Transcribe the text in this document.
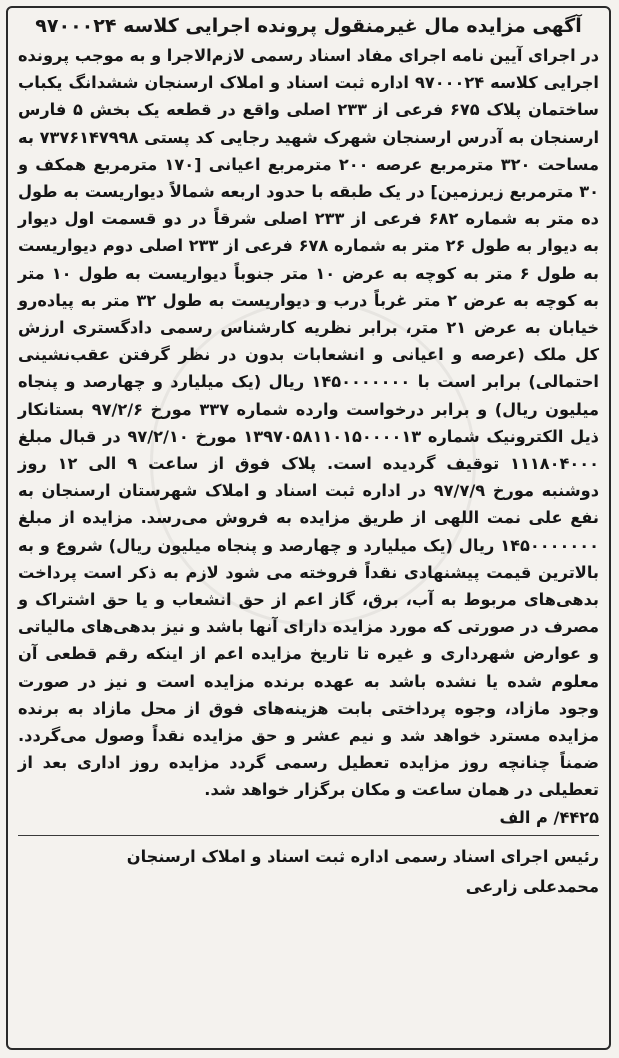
آگهی مزایده مال غیرمنقول پرونده اجرایی کلاسه ۹۷۰۰۰۲۴

در اجرای آیین نامه اجرای مفاد اسناد رسمی لازم‌الاجرا و به موجب پرونده اجرایی کلاسه ۹۷۰۰۰۲۴ اداره ثبت اسناد و املاک ارسنجان ششدانگ یکباب ساختمان پلاک ۶۷۵ فرعی از ۲۳۳ اصلی واقع در قطعه یک بخش ۵ فارس ارسنجان به آدرس ارسنجان شهرک شهید رجایی کد پستی ۷۳۷۶۱۴۷۹۹۸ به مساحت ۳۲۰ مترمربع عرصه ۲۰۰ مترمربع اعیانی [۱۷۰ مترمربع همکف و ۳۰ مترمربع زیرزمین] در یک طبقه با حدود اربعه شمالاً دیواریست به طول ده متر به شماره ۶۸۲ فرعی از ۲۳۳ اصلی شرقاً در دو قسمت اول دیوار به دیوار به طول ۲۶ متر به شماره ۶۷۸ فرعی از ۲۳۳ اصلی دوم دیواریست به طول ۶ متر به کوچه به عرض ۱۰ متر جنوباً دیواریست به طول ۱۰ متر به کوچه به عرض ۲ متر غرباً درب و دیواریست به طول ۳۲ متر به پیاده‌رو خیابان به عرض ۲۱ متر، برابر نظریه کارشناس رسمی دادگستری ارزش کل ملک (عرصه و اعیانی و انشعابات بدون در نظر گرفتن عقب‌نشینی احتمالی) برابر است با ۱۴۵۰۰۰۰۰۰۰ ریال (یک میلیارد و چهارصد و پنجاه میلیون ریال) و برابر درخواست وارده شماره ۳۳۷ مورخ ۹۷/۲/۶ بستانکار ذیل الکترونیک شماره ۱۳۹۷۰۵۸۱۱۰۱۵۰۰۰۰۱۳ مورخ ۹۷/۲/۱۰ در قبال مبلغ ۱۱۱۸۰۴۰۰۰ توقیف گردیده است. پلاک فوق از ساعت ۹ الی ۱۲ روز دوشنبه مورخ ۹۷/۷/۹ در اداره ثبت اسناد و املاک شهرستان ارسنجان به نفع علی نمت اللهی از طریق مزایده به فروش می‌رسد. مزایده از مبلغ ۱۴۵۰۰۰۰۰۰۰ ریال (یک میلیارد و چهارصد و پنجاه میلیون ریال) شروع و به بالاترین قیمت پیشنهادی نقداً فروخته می شود لازم به ذکر است پرداخت بدهی‌های مربوط به آب، برق، گاز اعم از حق انشعاب و یا حق اشتراک و مصرف در صورتی که مورد مزایده دارای آنها باشد و نیز بدهی‌های مالیاتی و عوارض شهرداری و غیره تا تاریخ مزایده اعم از اینکه رقم قطعی آن معلوم شده یا نشده باشد به عهده برنده مزایده است و نیز در صورت وجود مازاد، وجوه پرداختی بابت هزینه‌های فوق از محل مازاد به برنده مزایده مسترد خواهد شد و نیم عشر و حق مزایده نقداً وصول می‌گردد. ضمناً چنانچه روز مزایده تعطیل رسمی گردد مزایده روز اداری بعد از تعطیلی در همان ساعت و مکان برگزار خواهد شد.

۴۴۲۵/ م الف

رئیس اجرای اسناد رسمی اداره ثبت اسناد و املاک ارسنجان

محمدعلی زارعی
